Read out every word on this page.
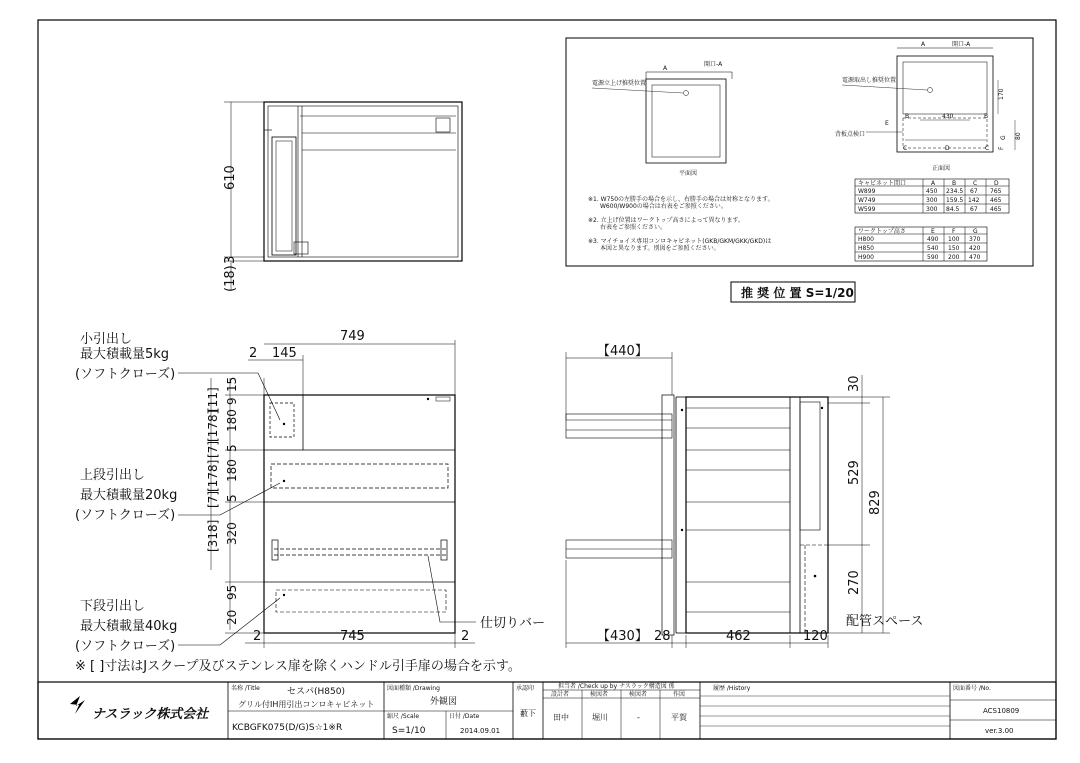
610
3
(18)
749
2 145
2	745	2
15
9
180
5
180
5
320
95
20
[11]
[178]
[7]
[178]
[7]
[318]
小引出し
最大積載量5kg
(ソフトクローズ)
上段引出し
最大積載量20kg
(ソフトクローズ)
下段引出し
最大積載量40kg
(ソフトクローズ)
仕切りバー	配管スペース
※ [ ]寸法はJスクープ及びステンレス扉を除くハンドル引手扉の場合を示す。
【440】
【430】 28	462	120
30
529
829
270
A
開口-A
電源立上げ推奨位置
平面図
A	開口-A
電源取出し推奨位置
背板点検口
430
B	B
C	D	C
E
170
80
G
F
正面図
※1. W750の左勝手の場合を示し、右勝手の場合は対称となります。
W600/W900の場合は右表をご参照ください。
※2. 立上げ位置はワークトップ高さによって異なります。
右表をご参照ください。
※3. マイチョイス専用コンロキャビネット(GKB/GKM/GKK/GKD)は
本図と異なります。別図をご参照ください。
キャビネット間口	A	B	C	D
W899	450 234.5 67 765
W749	300 159.5 142 465
W599	300 84.5 67 465
ワークトップ高さ	E	F	G
H800	490 100 370
H850	540 150 420
H900	590 200 470
推 奨 位 置 S=1/20
ナスラック株式会社
名称 /Title	セスパ(H850)
グリル付IH用引出コンロキャビネット
KCBGFK075(D/G)S☆1※R
図面種類 /Drawing
外観図
縮尺 /Scale
S=1/10
日付 /Date
2014.09.01
承認印
藪下
担当者 /Check up by ナスラック構造図 係
設計者	検図者	検図者	作図
田中	堀川	-	平賀
履歴 /History	図面番号 /No.
ACS10809
ver.3.00
